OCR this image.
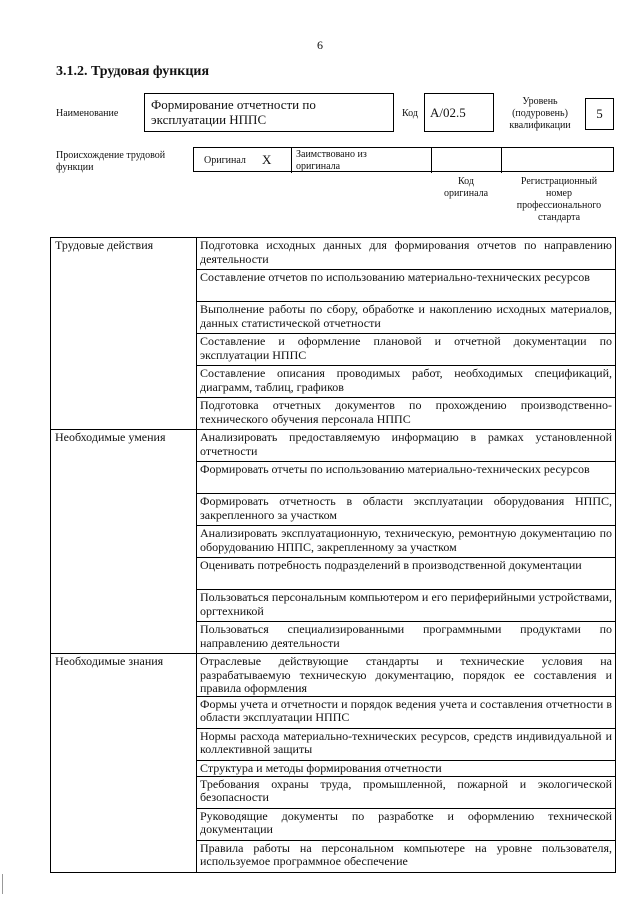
6
3.1.2. Трудовая функция
Наименование
Формирование отчетности по эксплуатации НППС	Код А/02.5
Уровень
(подуровень)
квалификации
5
Происхождение трудовой
функции
Оригинал X Заимствовано из
оригинала
Код
оригинала
Регистрационный
номер
профессионального
стандарта
Трудовые действия	Подготовка исходных данных для формирования отчетов по направлению деятельности
	Составление отчетов по использованию материально-технических ресурсов
	Выполнение работы по сбору, обработке и накоплению исходных материалов, данных статистической отчетности
	Составление и оформление плановой и отчетной документации по эксплуатации НППС
	Составление описания проводимых работ, необходимых спецификаций, диаграмм, таблиц, графиков
	Подготовка отчетных документов по прохождению производственно-технического обучения персонала НППС
Необходимые умения	Анализировать предоставляемую информацию в рамках установленной отчетности
	Формировать отчеты по использованию материально-технических ресурсов
	Формировать отчетность в области эксплуатации оборудования НППС, закрепленного за участком
	Анализировать эксплуатационную, техническую, ремонтную документацию по оборудованию НППС, закрепленному за участком
	Оценивать потребность подразделений в производственной документации
	Пользоваться персональным компьютером и его периферийными устройствами, оргтехникой
	Пользоваться специализированными программными продуктами по направлению деятельности
Необходимые знания	Отраслевые действующие стандарты и технические условия на разрабатываемую техническую документацию, порядок ее составления и правила оформления
	Формы учета и отчетности и порядок ведения учета и составления отчетности в области эксплуатации НППС
	Нормы расхода материально-технических ресурсов, средств индивидуальной и коллективной защиты
	Структура и методы формирования отчетности
	Требования охраны труда, промышленной, пожарной и экологической безопасности
	Руководящие документы по разработке и оформлению технической документации
	Правила работы на персональном компьютере на уровне пользователя, используемое программное обеспечение
